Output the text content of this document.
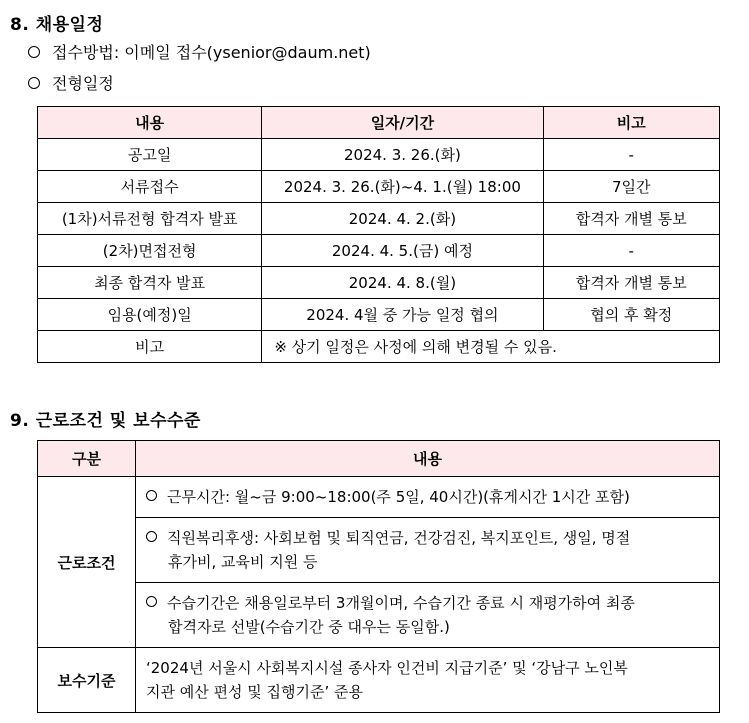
8. 채용일정
접수방법: 이메일 접수(ysenior@daum.net)
전형일정
내용	일자/기간	비고
공고일	2024. 3. 26.(화)	-
서류접수	2024. 3. 26.(화)~4. 1.(월) 18:00	7일간
(1차)서류전형 합격자 발표	2024. 4. 2.(화)	합격자 개별 통보
(2차)면접전형	2024. 4. 5.(금) 예정	-
최종 합격자 발표	2024. 4. 8.(월)	합격자 개별 통보
임용(예정)일	2024. 4월 중 가능 일정 협의	협의 후 확정
비고	※ 상기 일정은 사정에 의해 변경될 수 있음.	
9. 근로조건 및 보수수준
구분	내용
근로조건	근무시간: 월~금 9:00~18:00(주 5일, 40시간)(휴게시간 1시간 포함)
	직원복리후생: 사회보험 및 퇴직연금, 건강검진, 복지포인트, 생일, 명절
휴가비, 교육비 지원 등

	수습기간은 채용일로부터 3개월이며, 수습기간 종료 시 재평가하여 최종
합격자로 선발(수습기간 중 대우는 동일함.)

보수기준	‘2024년 서울시 사회복지시설 종사자 인건비 지급기준’ 및 ‘강남구 노인복
지관 예산 편성 및 집행기준’ 준용
